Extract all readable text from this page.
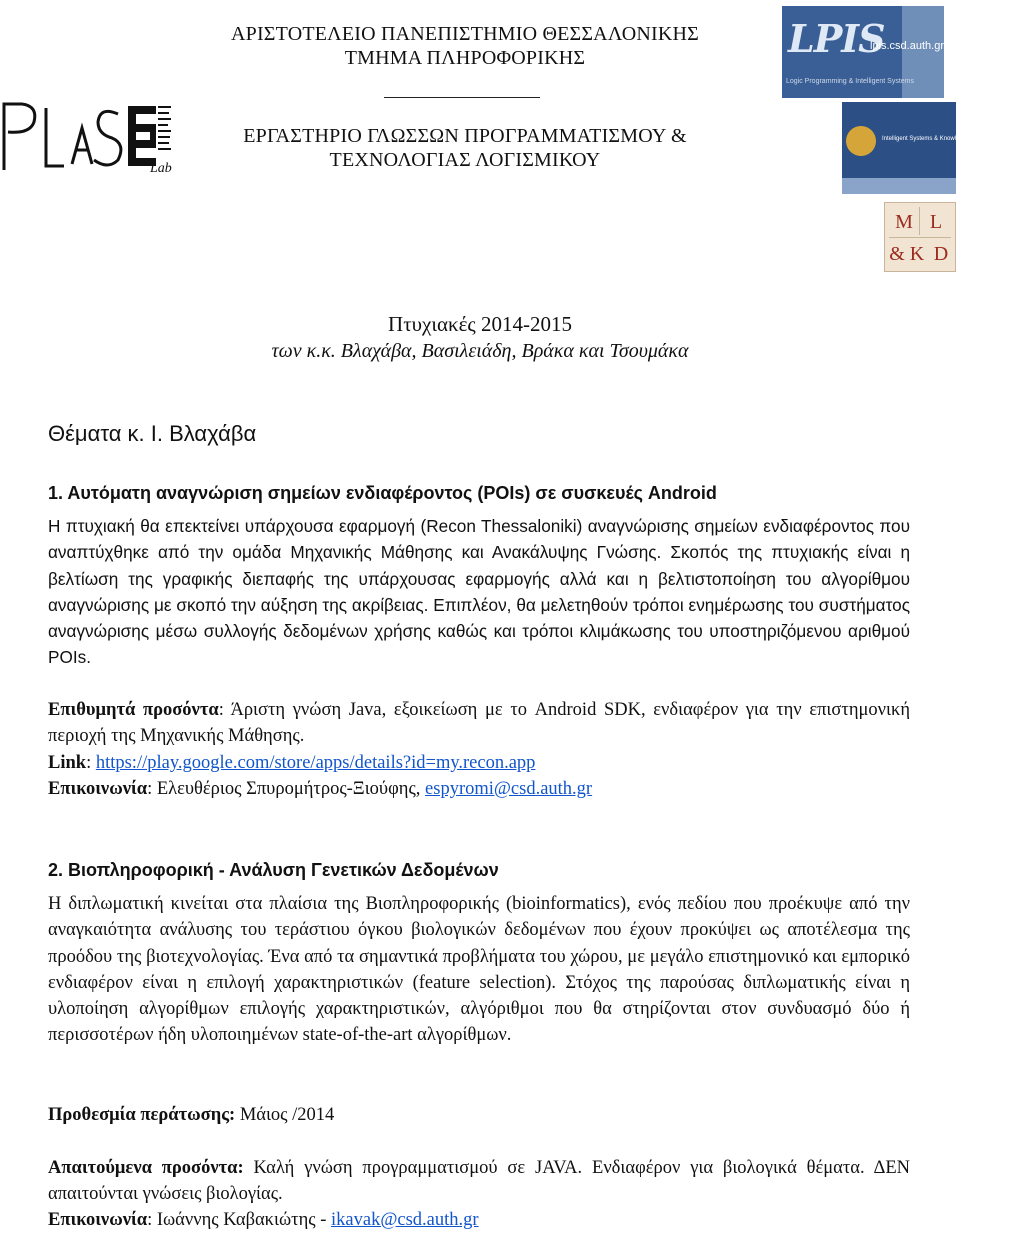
ΑΡΙΣΤΟΤΕΛΕΙΟ ΠΑΝΕΠΙΣΤΗΜΙΟ ΘΕΣΣΑΛΟΝΙΚΗΣ
ΤΜΗΜΑ ΠΛΗΡΟΦΟΡΙΚΗΣ
ΕΡΓΑΣΤΗΡΙΟ ΓΛΩΣΣΩΝ ΠΡΟΓΡΑΜΜΑΤΙΣΜΟΥ &
ΤΕΧΝΟΛΟΓΙΑΣ ΛΟΓΙΣΜΙΚΟΥ
Lab
LPIS
lpis.csd.auth.gr
Logic Programming & Intelligent Systems
Intelligent Systems & Knowledge Processing group
M L
& K D
Πτυχιακές 2014-2015
των κ.κ. Βλαχάβα, Βασιλειάδη, Βράκα και Τσουμάκα
Θέματα κ. Ι. Βλαχάβα
1. Αυτόματη αναγνώριση σημείων ενδιαφέροντος (POIs) σε συσκευές Android
Η πτυχιακή θα επεκτείνει υπάρχουσα εφαρμογή (Recon Thessaloniki) αναγνώρισης σημείων ενδιαφέροντος που αναπτύχθηκε από την ομάδα Μηχανικής Μάθησης και Ανακάλυψης Γνώσης. Σκοπός της πτυχιακής είναι η βελτίωση της γραφικής διεπαφής της υπάρχουσας εφαρμογής αλλά και η βελτιστοποίηση του αλγορίθμου αναγνώρισης με σκοπό την αύξηση της ακρίβειας. Επιπλέον, θα μελετηθούν τρόποι ενημέρωσης του συστήματος αναγνώρισης μέσω συλλογής δεδομένων χρήσης καθώς και τρόποι κλιμάκωσης του υποστηριζόμενου αριθμού POIs.
Επιθυμητά προσόντα: Άριστη γνώση Java, εξοικείωση με το Android SDK, ενδιαφέρον για την επιστημονική περιοχή της Μηχανικής Μάθησης.
Link: https://play.google.com/store/apps/details?id=my.recon.app
Επικοινωνία: Ελευθέριος Σπυρομήτρος-Ξιούφης, espyromi@csd.auth.gr
2. Βιοπληροφορική - Ανάλυση Γενετικών Δεδομένων
Η διπλωματική κινείται στα πλαίσια της Βιοπληροφορικής (bioinformatics), ενός πεδίου που προέκυψε από την αναγκαιότητα ανάλυσης του τεράστιου όγκου βιολογικών δεδομένων που έχουν προκύψει ως αποτέλεσμα της προόδου της βιοτεχνολογίας. Ένα από τα σημαντικά προβλήματα του χώρου, με μεγάλο επιστημονικό και εμπορικό ενδιαφέρον είναι η επιλογή χαρακτηριστικών (feature selection). Στόχος της παρούσας διπλωματικής είναι η υλοποίηση αλγορίθμων επιλογής χαρακτηριστικών, αλγόριθμοι που θα στηρίζονται στον συνδυασμό δύο ή περισσοτέρων ήδη υλοποιημένων state-of-the-art αλγορίθμων.
Προθεσμία περάτωσης: Μάιος /2014
Απαιτούμενα προσόντα: Καλή γνώση προγραμματισμού σε JAVA. Ενδιαφέρον για βιολογικά θέματα. ΔΕΝ απαιτούνται γνώσεις βιολογίας.
Επικοινωνία: Ιωάννης Καβακιώτης - ikavak@csd.auth.gr
